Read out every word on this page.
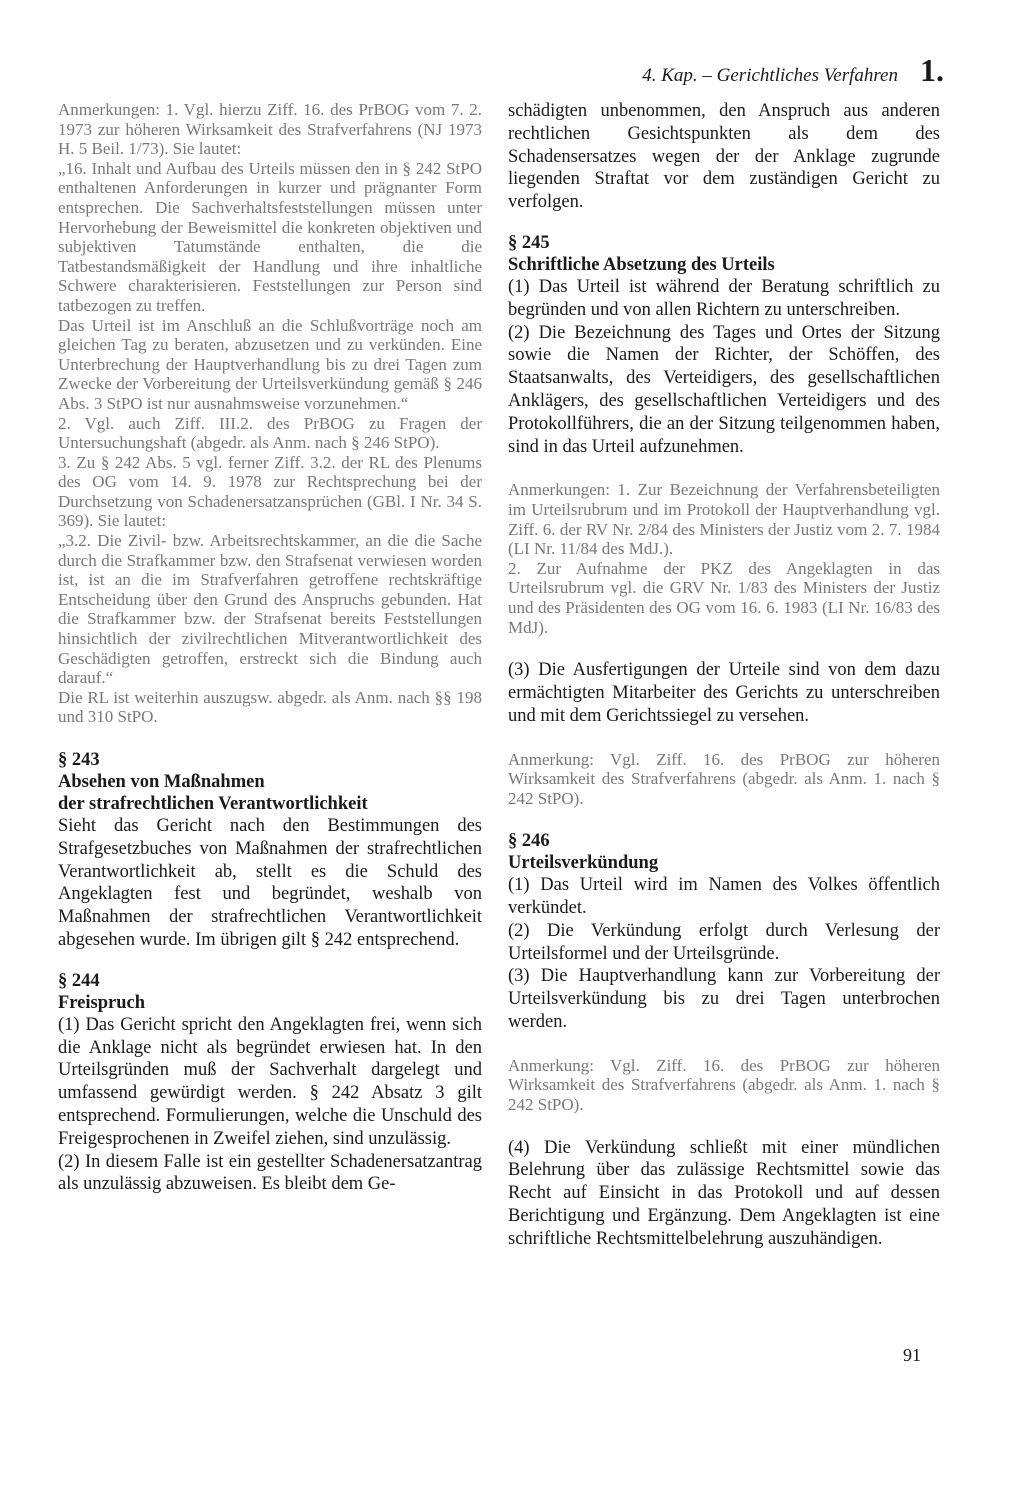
4. Kap. – Gerichtliches Verfahren 1.

Anmerkungen: 1. Vgl. hierzu Ziff. 16. des PrBOG vom 7. 2. 1973 zur höheren Wirksamkeit des Strafverfahrens (NJ 1973 H. 5 Beil. 1/73). Sie lautet:

„16. Inhalt und Aufbau des Urteils müssen den in § 242 StPO enthaltenen Anforderungen in kurzer und prägnanter Form entsprechen. Die Sachverhaltsfeststellungen müssen unter Hervorhebung der Beweismittel die konkreten objektiven und subjektiven Tatumstände enthalten, die die Tatbestandsmäßigkeit der Handlung und ihre inhaltliche Schwere charakterisieren. Feststellungen zur Person sind tatbezogen zu treffen.

Das Urteil ist im Anschluß an die Schlußvorträge noch am gleichen Tag zu beraten, abzusetzen und zu verkünden. Eine Unterbrechung der Hauptverhandlung bis zu drei Tagen zum Zwecke der Vorbereitung der Urteilsverkündung gemäß § 246 Abs. 3 StPO ist nur ausnahmsweise vorzunehmen.“

2. Vgl. auch Ziff. III.2. des PrBOG zu Fragen der Untersuchungshaft (abgedr. als Anm. nach § 246 StPO).

3. Zu § 242 Abs. 5 vgl. ferner Ziff. 3.2. der RL des Plenums des OG vom 14. 9. 1978 zur Rechtsprechung bei der Durchsetzung von Schadenersatzansprüchen (GBl. I Nr. 34 S. 369). Sie lautet:

„3.2. Die Zivil- bzw. Arbeitsrechtskammer, an die die Sache durch die Strafkammer bzw. den Strafsenat verwiesen worden ist, ist an die im Strafverfahren getroffene rechtskräftige Entscheidung über den Grund des Anspruchs gebunden. Hat die Strafkammer bzw. der Strafsenat bereits Feststellungen hinsichtlich der zivilrechtlichen Mitverantwortlichkeit des Geschädigten getroffen, erstreckt sich die Bindung auch darauf.“

Die RL ist weiterhin auszugsw. abgedr. als Anm. nach §§ 198 und 310 StPO.

§ 243
Absehen von Maßnahmen
der strafrechtlichen Verantwortlichkeit

Sieht das Gericht nach den Bestimmungen des Strafgesetzbuches von Maßnahmen der strafrechtlichen Verantwortlichkeit ab, stellt es die Schuld des Angeklagten fest und begründet, weshalb von Maßnahmen der strafrechtlichen Verantwortlichkeit abgesehen wurde. Im übrigen gilt § 242 entsprechend.

§ 244
Freispruch

(1) Das Gericht spricht den Angeklagten frei, wenn sich die Anklage nicht als begründet erwiesen hat. In den Urteilsgründen muß der Sachverhalt dargelegt und umfassend gewürdigt werden. § 242 Absatz 3 gilt entsprechend. Formulierungen, welche die Unschuld des Freigesprochenen in Zweifel ziehen, sind unzulässig.

(2) In diesem Falle ist ein gestellter Schadenersatzantrag als unzulässig abzuweisen. Es bleibt dem Ge-

schädigten unbenommen, den Anspruch aus anderen rechtlichen Gesichtspunkten als dem des Schadensersatzes wegen der der Anklage zugrunde liegenden Straftat vor dem zuständigen Gericht zu verfolgen.

§ 245
Schriftliche Absetzung des Urteils

(1) Das Urteil ist während der Beratung schriftlich zu begründen und von allen Richtern zu unterschreiben.

(2) Die Bezeichnung des Tages und Ortes der Sitzung sowie die Namen der Richter, der Schöffen, des Staatsanwalts, des Verteidigers, des gesellschaftlichen Anklägers, des gesellschaftlichen Verteidigers und des Protokollführers, die an der Sitzung teilgenommen haben, sind in das Urteil aufzunehmen.

Anmerkungen: 1. Zur Bezeichnung der Verfahrensbeteiligten im Urteilsrubrum und im Protokoll der Hauptverhandlung vgl. Ziff. 6. der RV Nr. 2/84 des Ministers der Justiz vom 2. 7. 1984 (LI Nr. 11/84 des MdJ.).

2. Zur Aufnahme der PKZ des Angeklagten in das Urteilsrubrum vgl. die GRV Nr. 1/83 des Ministers der Justiz und des Präsidenten des OG vom 16. 6. 1983 (LI Nr. 16/83 des MdJ).

(3) Die Ausfertigungen der Urteile sind von dem dazu ermächtigten Mitarbeiter des Gerichts zu unterschreiben und mit dem Gerichtssiegel zu versehen.

Anmerkung: Vgl. Ziff. 16. des PrBOG zur höheren Wirksamkeit des Strafverfahrens (abgedr. als Anm. 1. nach § 242 StPO).

§ 246
Urteilsverkündung

(1) Das Urteil wird im Namen des Volkes öffentlich verkündet.

(2) Die Verkündung erfolgt durch Verlesung der Urteilsformel und der Urteilsgründe.

(3) Die Hauptverhandlung kann zur Vorbereitung der Urteilsverkündung bis zu drei Tagen unterbrochen werden.

Anmerkung: Vgl. Ziff. 16. des PrBOG zur höheren Wirksamkeit des Strafverfahrens (abgedr. als Anm. 1. nach § 242 StPO).

(4) Die Verkündung schließt mit einer mündlichen Belehrung über das zulässige Rechtsmittel sowie das Recht auf Einsicht in das Protokoll und auf dessen Berichtigung und Ergänzung. Dem Angeklagten ist eine schriftliche Rechtsmittelbelehrung auszuhändigen.

91
